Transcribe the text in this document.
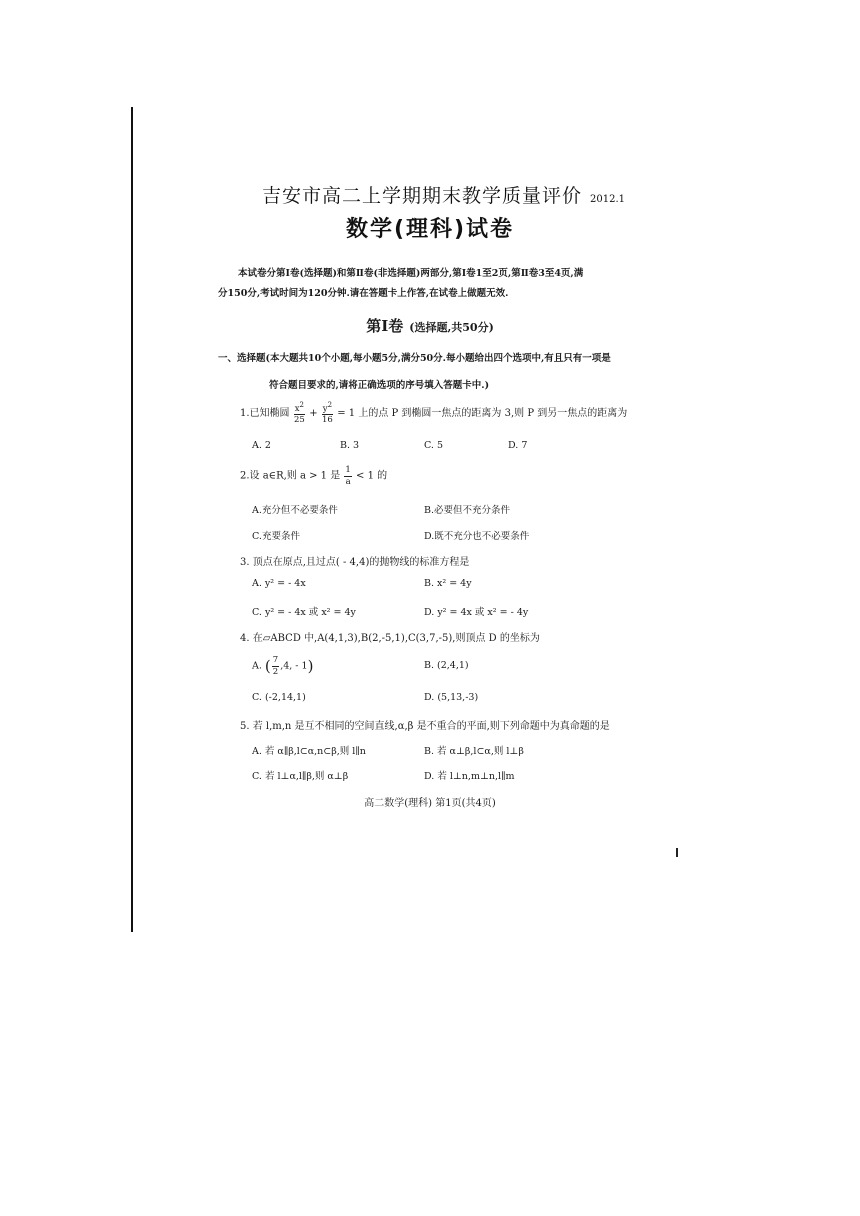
吉安市高二上学期期末教学质量评价 2012.1
数学(理科)试卷
本试卷分第Ⅰ卷(选择题)和第Ⅱ卷(非选择题)两部分,第Ⅰ卷1至2页,第Ⅱ卷3至4页,满
分150分,考试时间为120分钟.请在答题卡上作答,在试卷上做题无效.
第Ⅰ卷 (选择题,共50分)
一、选择题(本大题共10个小题,每小题5分,满分50分.每小题给出四个选项中,有且只有一项是
符合题目要求的,请将正确选项的序号填入答题卡中.)
1.已知椭圆 $\frac{x^2}{25} + \frac{y^2}{16} = 1$ 上的点 P 到椭圆一焦点的距离为 3,则 P 到另一焦点的距离为
A. 2	B. 3	C. 5	D. 7
2.设 a∈R,则 a > 1 是 $\frac{1}{a} < 1$ 的
A.充分但不必要条件	B.必要但不充分条件
C.充要条件	D.既不充分也不必要条件
3. 顶点在原点,且过点( - 4,4)的抛物线的标准方程是
A. y² = - 4x	B. x² = 4y
C. y² = - 4x 或 x² = 4y	D. y² = 4x 或 x² = - 4y
4. 在▱ABCD 中,A(4,1,3),B(2,-5,1),C(3,7,-5),则顶点 D 的坐标为
A. ( $\frac{7}{2} ,4$, - 1)	B. (2,4,1)
C. (-2,14,1)	D. (5,13,-3)
5. 若 l,m,n 是互不相同的空间直线,α,β 是不重合的平面,则下列命题中为真命题的是
A. 若 α∥β,l⊂α,n⊂β,则 l∥n	B. 若 α⊥β,l⊂α,则 l⊥β
C. 若 l⊥α,l∥β,则 α⊥β	D. 若 l⊥n,m⊥n,l∥m
高二数学(理科) 第1页(共4页)
